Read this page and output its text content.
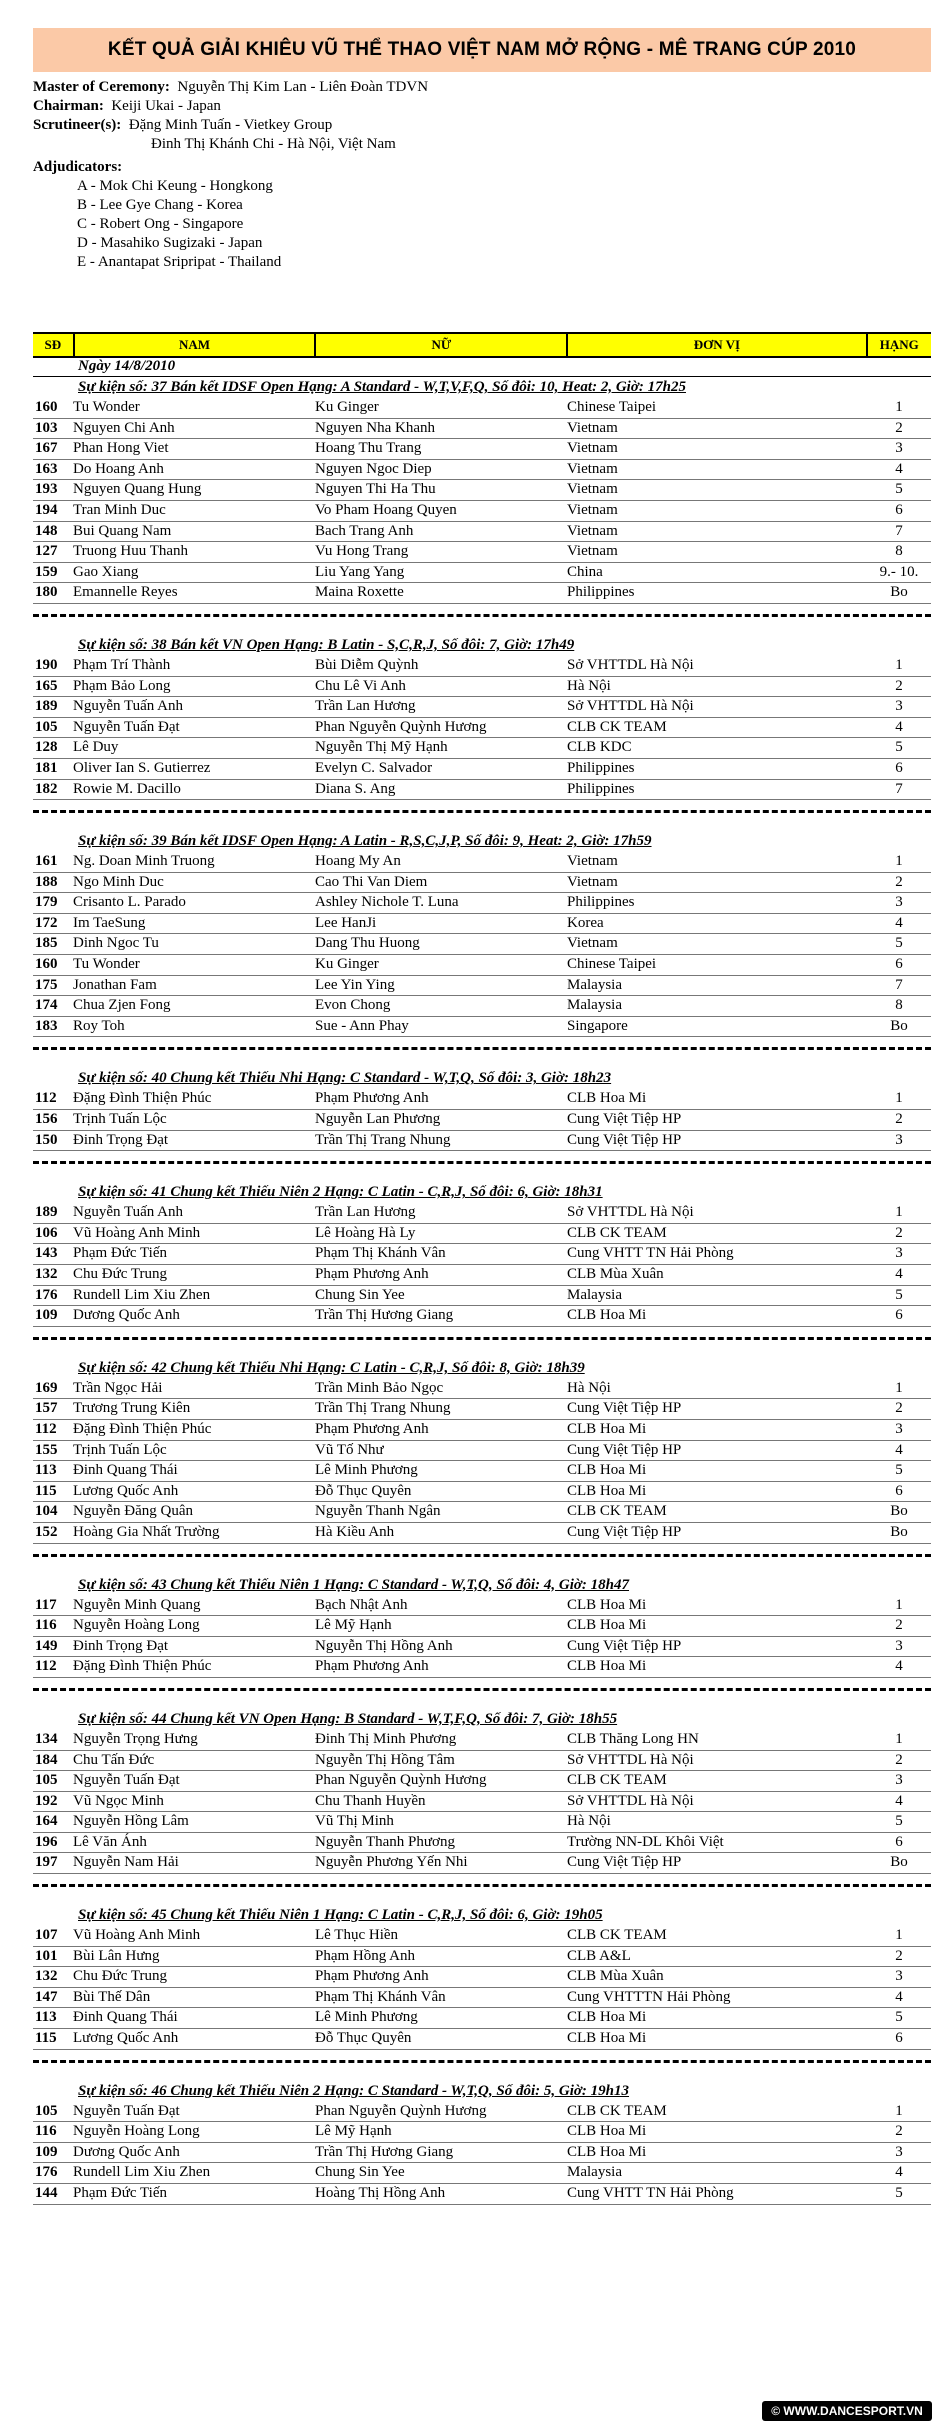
KẾT QUẢ GIẢI KHIÊU VŨ THỂ THAO VIỆT NAM MỞ RỘNG - MÊ TRANG CÚP 2010
Master of Ceremony: Nguyễn Thị Kim Lan - Liên Đoàn TDVN
Chairman: Keiji Ukai - Japan
Scrutineer(s): Đặng Minh Tuấn - Vietkey Group
Đinh Thị Khánh Chi - Hà Nội, Việt Nam
Adjudicators:
A - Mok Chi Keung - Hongkong
B - Lee Gye Chang - Korea
C - Robert Ong - Singapore
D - Masahiko Sugizaki - Japan
E - Anantapat Sripripat - Thailand
SĐ	NAM	NỮ	ĐƠN VỊ	HẠNG
Ngày 14/8/2010
Sự kiện số: 37 Bán kết IDSF Open Hạng: A Standard - W,T,V,F,Q, Số đôi: 10, Heat: 2, Giờ: 17h25
160	Tu Wonder	Ku Ginger	Chinese Taipei	1
103	Nguyen Chi Anh	Nguyen Nha Khanh	Vietnam	2
167	Phan Hong Viet	Hoang Thu Trang	Vietnam	3
163	Do Hoang Anh	Nguyen Ngoc Diep	Vietnam	4
193	Nguyen Quang Hung	Nguyen Thi Ha Thu	Vietnam	5
194	Tran Minh Duc	Vo Pham Hoang Quyen	Vietnam	6
148	Bui Quang Nam	Bach Trang Anh	Vietnam	7
127	Truong Huu Thanh	Vu Hong Trang	Vietnam	8
159	Gao Xiang	Liu Yang Yang	China	9.- 10.
180	Emannelle Reyes	Maina Roxette	Philippines	Bo
Sự kiện số: 38 Bán kết VN Open Hạng: B Latin - S,C,R,J, Số đôi: 7, Giờ: 17h49
190	Phạm Trí Thành	Bùi Diễm Quỳnh	Sở VHTTDL Hà Nội	1
165	Phạm Bảo Long	Chu Lê Vi Anh	Hà Nội	2
189	Nguyễn Tuấn Anh	Trần Lan Hương	Sở VHTTDL Hà Nội	3
105	Nguyễn Tuấn Đạt	Phan Nguyễn Quỳnh Hương	CLB CK TEAM	4
128	Lê Duy	Nguyễn Thị Mỹ Hạnh	CLB KDC	5
181	Oliver Ian S. Gutierrez	Evelyn C. Salvador	Philippines	6
182	Rowie M. Dacillo	Diana S. Ang	Philippines	7
Sự kiện số: 39 Bán kết IDSF Open Hạng: A Latin - R,S,C,J,P, Số đôi: 9, Heat: 2, Giờ: 17h59
161	Ng. Doan Minh Truong	Hoang My An	Vietnam	1
188	Ngo Minh Duc	Cao Thi Van Diem	Vietnam	2
179	Crisanto L. Parado	Ashley Nichole T. Luna	Philippines	3
172	Im TaeSung	Lee HanJi	Korea	4
185	Dinh Ngoc Tu	Dang Thu Huong	Vietnam	5
160	Tu Wonder	Ku Ginger	Chinese Taipei	6
175	Jonathan Fam	Lee Yin Ying	Malaysia	7
174	Chua Zjen Fong	Evon Chong	Malaysia	8
183	Roy Toh	Sue - Ann Phay	Singapore	Bo
Sự kiện số: 40 Chung kết Thiếu Nhi Hạng: C Standard - W,T,Q, Số đôi: 3, Giờ: 18h23
112	Đặng Đình Thiện Phúc	Phạm Phương Anh	CLB Hoa Mi	1
156	Trịnh Tuấn Lộc	Nguyễn Lan Phương	Cung Việt Tiệp HP	2
150	Đinh Trọng Đạt	Trần Thị Trang Nhung	Cung Việt Tiệp HP	3
Sự kiện số: 41 Chung kết Thiếu Niên 2 Hạng: C Latin - C,R,J, Số đôi: 6, Giờ: 18h31
189	Nguyễn Tuấn Anh	Trần Lan Hương	Sở VHTTDL Hà Nội	1
106	Vũ Hoàng Anh Minh	Lê Hoàng Hà Ly	CLB CK TEAM	2
143	Phạm Đức Tiến	Phạm Thị Khánh Vân	Cung VHTT TN Hải Phòng	3
132	Chu Đức Trung	Phạm Phương Anh	CLB Mùa Xuân	4
176	Rundell Lim Xiu Zhen	Chung Sin Yee	Malaysia	5
109	Dương Quốc Anh	Trần Thị Hương Giang	CLB Hoa Mi	6
Sự kiện số: 42 Chung kết Thiếu Nhi Hạng: C Latin - C,R,J, Số đôi: 8, Giờ: 18h39
169	Trần Ngọc Hải	Trần Minh Bảo Ngọc	Hà Nội	1
157	Trương Trung Kiên	Trần Thị Trang Nhung	Cung Việt Tiệp HP	2
112	Đặng Đình Thiện Phúc	Phạm Phương Anh	CLB Hoa Mi	3
155	Trịnh Tuấn Lộc	Vũ Tố Như	Cung Việt Tiệp HP	4
113	Đinh Quang Thái	Lê Minh Phương	CLB Hoa Mi	5
115	Lương Quốc Anh	Đỗ Thục Quyên	CLB Hoa Mi	6
104	Nguyễn Đăng Quân	Nguyễn Thanh Ngân	CLB CK TEAM	Bo
152	Hoàng Gia Nhất Trường	Hà Kiều Anh	Cung Việt Tiệp HP	Bo
Sự kiện số: 43 Chung kết Thiếu Niên 1 Hạng: C Standard - W,T,Q, Số đôi: 4, Giờ: 18h47
117	Nguyễn Minh Quang	Bạch Nhật Anh	CLB Hoa Mi	1
116	Nguyễn Hoàng Long	Lê Mỹ Hạnh	CLB Hoa Mi	2
149	Đinh Trọng Đạt	Nguyễn Thị Hồng Anh	Cung Việt Tiệp HP	3
112	Đặng Đình Thiện Phúc	Phạm Phương Anh	CLB Hoa Mi	4
Sự kiện số: 44 Chung kết VN Open Hạng: B Standard - W,T,F,Q, Số đôi: 7, Giờ: 18h55
134	Nguyễn Trọng Hưng	Đinh Thị Minh Phương	CLB Thăng Long HN	1
184	Chu Tấn Đức	Nguyễn Thị Hồng Tâm	Sở VHTTDL Hà Nội	2
105	Nguyễn Tuấn Đạt	Phan Nguyễn Quỳnh Hương	CLB CK TEAM	3
192	Vũ Ngọc Minh	Chu Thanh Huyền	Sở VHTTDL Hà Nội	4
164	Nguyễn Hồng Lâm	Vũ Thị Minh	Hà Nội	5
196	Lê Văn Ánh	Nguyễn Thanh Phương	Trường NN-DL Khôi Việt	6
197	Nguyễn Nam Hải	Nguyễn Phương Yến Nhi	Cung Việt Tiệp HP	Bo
Sự kiện số: 45 Chung kết Thiếu Niên 1 Hạng: C Latin - C,R,J, Số đôi: 6, Giờ: 19h05
107	Vũ Hoàng Anh Minh	Lê Thục Hiền	CLB CK TEAM	1
101	Bùi Lân Hưng	Phạm Hồng Anh	CLB A&L	2
132	Chu Đức Trung	Phạm Phương Anh	CLB Mùa Xuân	3
147	Bùi Thế Dân	Phạm Thị Khánh Vân	Cung VHTTTN Hải Phòng	4
113	Đinh Quang Thái	Lê Minh Phương	CLB Hoa Mi	5
115	Lương Quốc Anh	Đỗ Thục Quyên	CLB Hoa Mi	6
Sự kiện số: 46 Chung kết Thiếu Niên 2 Hạng: C Standard - W,T,Q, Số đôi: 5, Giờ: 19h13
105	Nguyễn Tuấn Đạt	Phan Nguyễn Quỳnh Hương	CLB CK TEAM	1
116	Nguyễn Hoàng Long	Lê Mỹ Hạnh	CLB Hoa Mi	2
109	Dương Quốc Anh	Trần Thị Hương Giang	CLB Hoa Mi	3
176	Rundell Lim Xiu Zhen	Chung Sin Yee	Malaysia	4
144	Phạm Đức Tiến	Hoàng Thị Hồng Anh	Cung VHTT TN Hải Phòng	5
© WWW.DANCESPORT.VN
